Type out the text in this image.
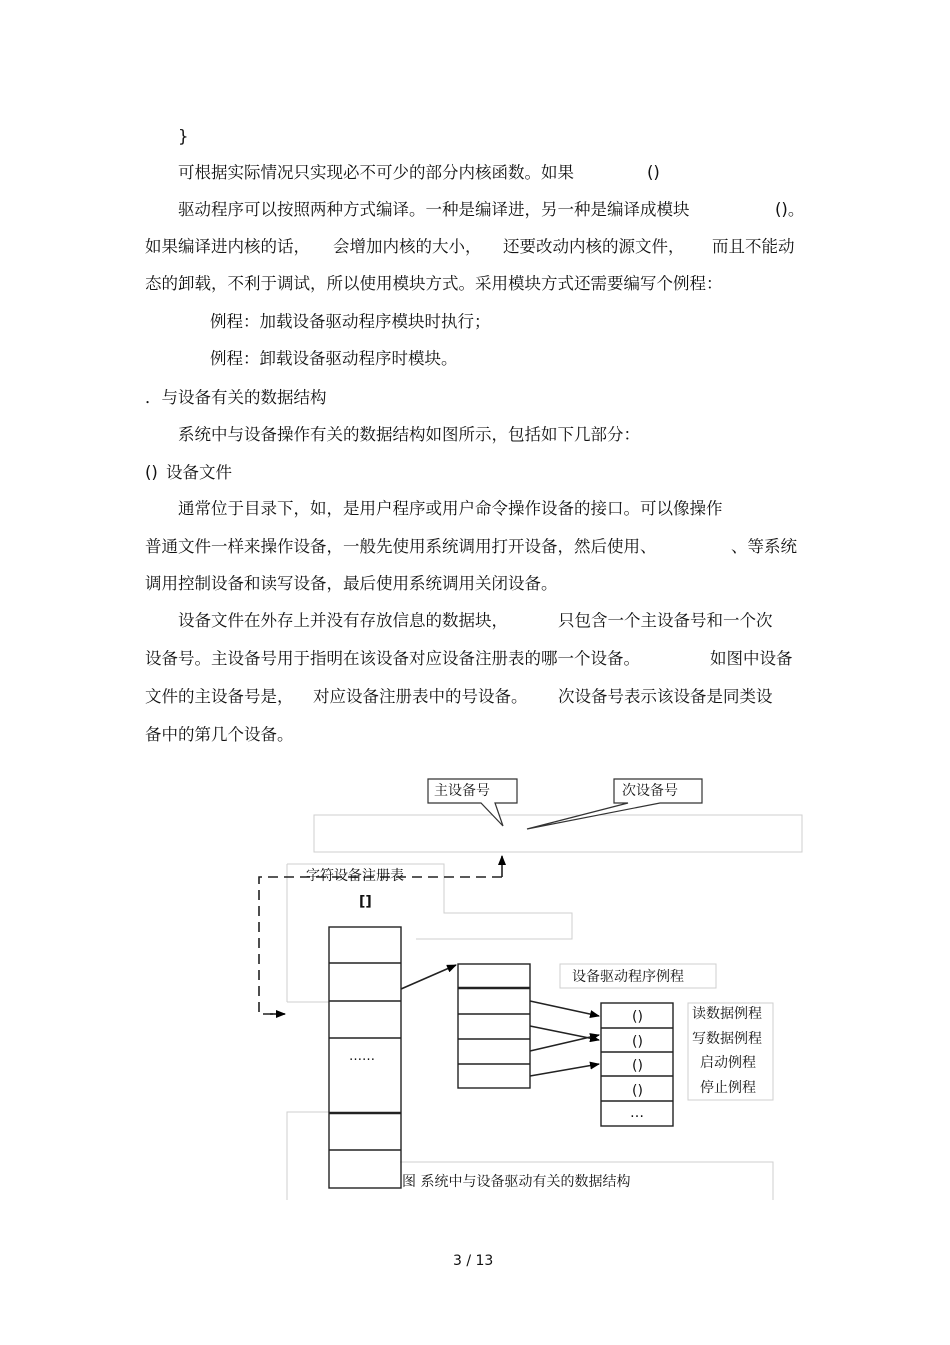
}
可根据实际情况只实现必不可少的部分内核函数。如果	()
驱动程序可以按照两种方式编译。一种是编译进，另一种是编译成模块	()。
如果编译进内核的话， 会增加内核的大小， 还要改动内核的源文件， 而且不能动
态的卸载，不利于调试，所以使用模块方式。采用模块方式还需要编写个例程：
例程：加载设备驱动程序模块时执行；
例程：卸载设备驱动程序时模块。
．与设备有关的数据结构
系统中与设备操作有关的数据结构如图所示，包括如下几部分：
() 设备文件
通常位于目录下，如，是用户程序或用户命令操作设备的接口。可以像操作
普通文件一样来操作设备，一般先使用系统调用打开设备，然后使用、	、等系统
调用控制设备和读写设备，最后使用系统调用关闭设备。
设备文件在外存上并没有存放信息的数据块，	只包含一个主设备号和一个次
设备号。主设备号用于指明在该设备对应设备注册表的哪一个设备。	如图中设备
文件的主设备号是， 对应设备注册表中的号设备。 次设备号表示该设备是同类设
备中的第几个设备。
主设备号	次设备号
字符设备注册表
[]
……
设备驱动程序例程
()
()
()
()
…
读数据例程
写数据例程
启动例程
停止例程
图 系统中与设备驱动有关的数据结构
3 / 13
